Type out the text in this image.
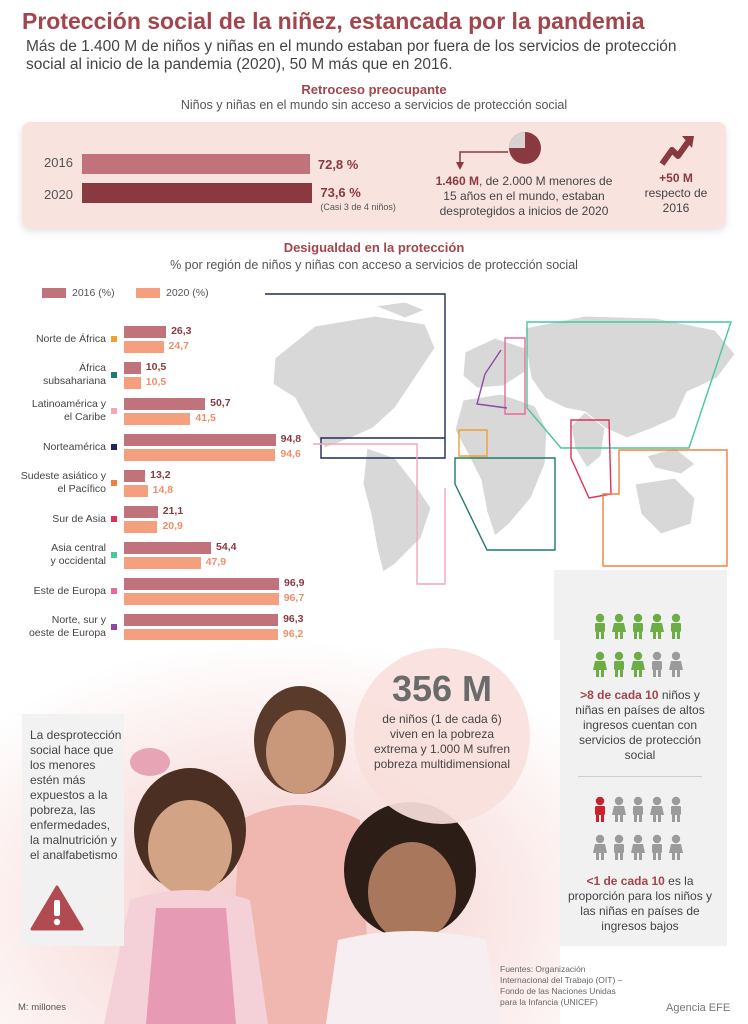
Protección social de la niñez, estancada por la pandemia
Más de 1.400 M de niños y niñas en el mundo estaban por fuera de los servicios de protección social al inicio de la pandemia (2020), 50 M más que en 2016.
Retroceso preocupante
Niños y niñas en el mundo sin acceso a servicios de protección social
2016	72,8 %
2020	73,6 %
(Casi 3 de 4 niños)
1.460 M, de 2.000 M menores de 15 años en el mundo, estaban desprotegidos a inicios de 2020
+50 M
respecto de 2016
Desigualdad en la protección
% por región de niños y niñas con acceso a servicios de protección social
2016 (%)	2020 (%)
Norte de África
26,3
24,7
África
subsahariana
10,5
10,5
Latinoamérica y
el Caribe
50,7
41,5
Norteamérica
94,8
94,6
Sudeste asiático y
el Pacífico
13,2
14,8
Sur de Asia
21,1
20,9
Asia central
y occidental
54,4
47,9
Este de Europa
96,9
96,7
Norte, sur y
oeste de Europa
96,3
96,2
>8 de cada 10 niños y niñas en países de altos ingresos cuentan con servicios de protección social
<1 de cada 10 es la proporción para los niños y las niñas en países de ingresos bajos
356 M
de niños (1 de cada 6) viven en la pobreza extrema y 1.000 M sufren pobreza multidimensional
La desprotección social hace que los menores estén más expuestos a la pobreza, las enfermedades, la malnutrición y el analfabetismo
Fuentes: Organización Internacional del Trabajo (OIT) – Fondo de las Naciones Unidas para la Infancia (UNICEF)	Agencia EFE
M: millones
